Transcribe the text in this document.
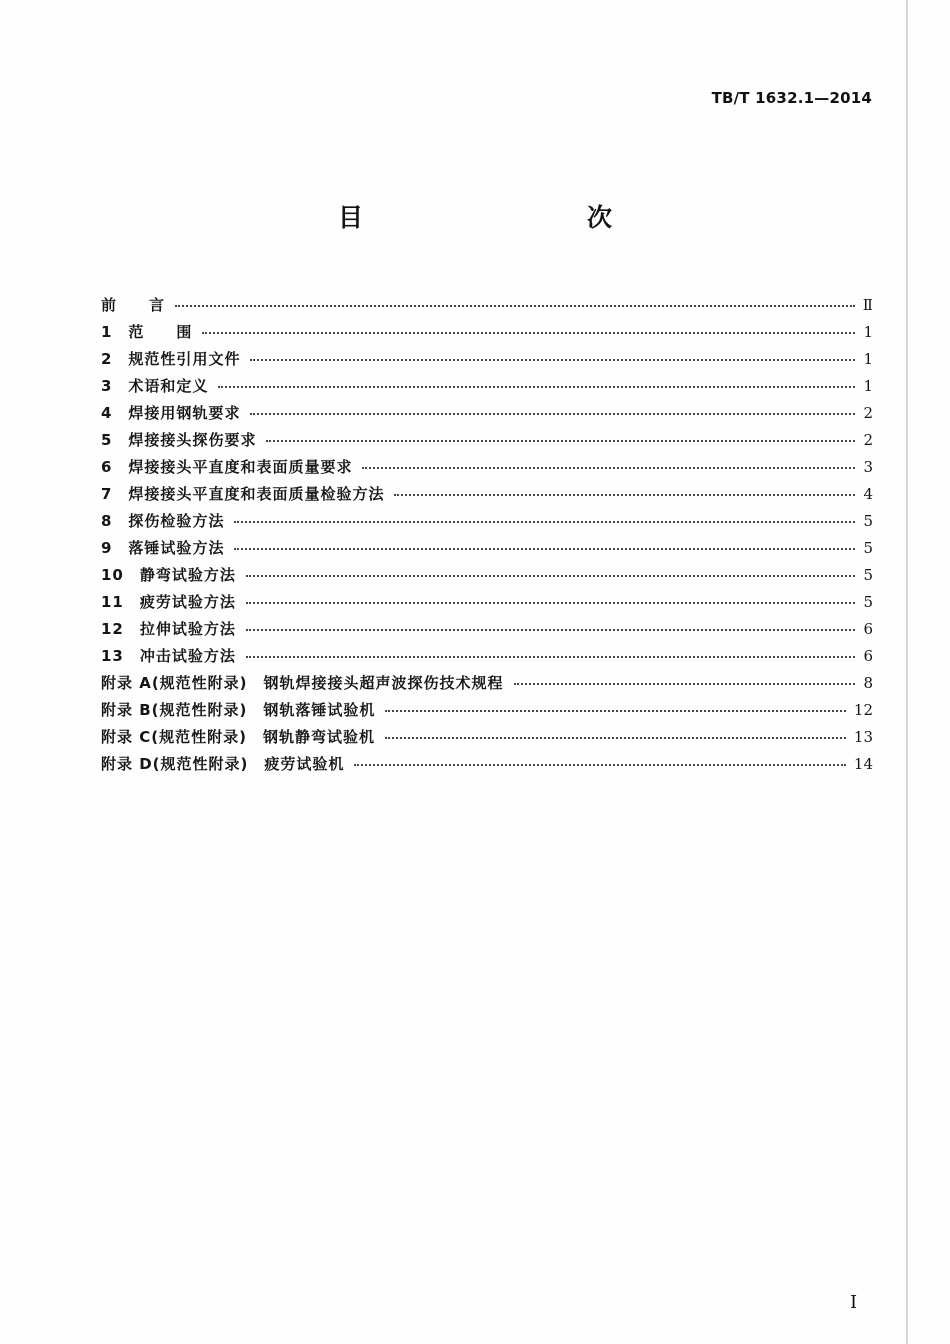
TB/T 1632.1—2014
目　　次
前　　言	Ⅱ
1　范　　围	1
2　规范性引用文件	1
3　术语和定义	1
4　焊接用钢轨要求	2
5　焊接接头探伤要求	2
6　焊接接头平直度和表面质量要求	3
7　焊接接头平直度和表面质量检验方法	4
8　探伤检验方法	5
9　落锤试验方法	5
10　静弯试验方法	5
11　疲劳试验方法	5
12　拉伸试验方法	6
13　冲击试验方法	6
附录 A(规范性附录)　钢轨焊接接头超声波探伤技术规程	8
附录 B(规范性附录)　钢轨落锤试验机	12
附录 C(规范性附录)　钢轨静弯试验机	13
附录 D(规范性附录)　疲劳试验机	14
I
